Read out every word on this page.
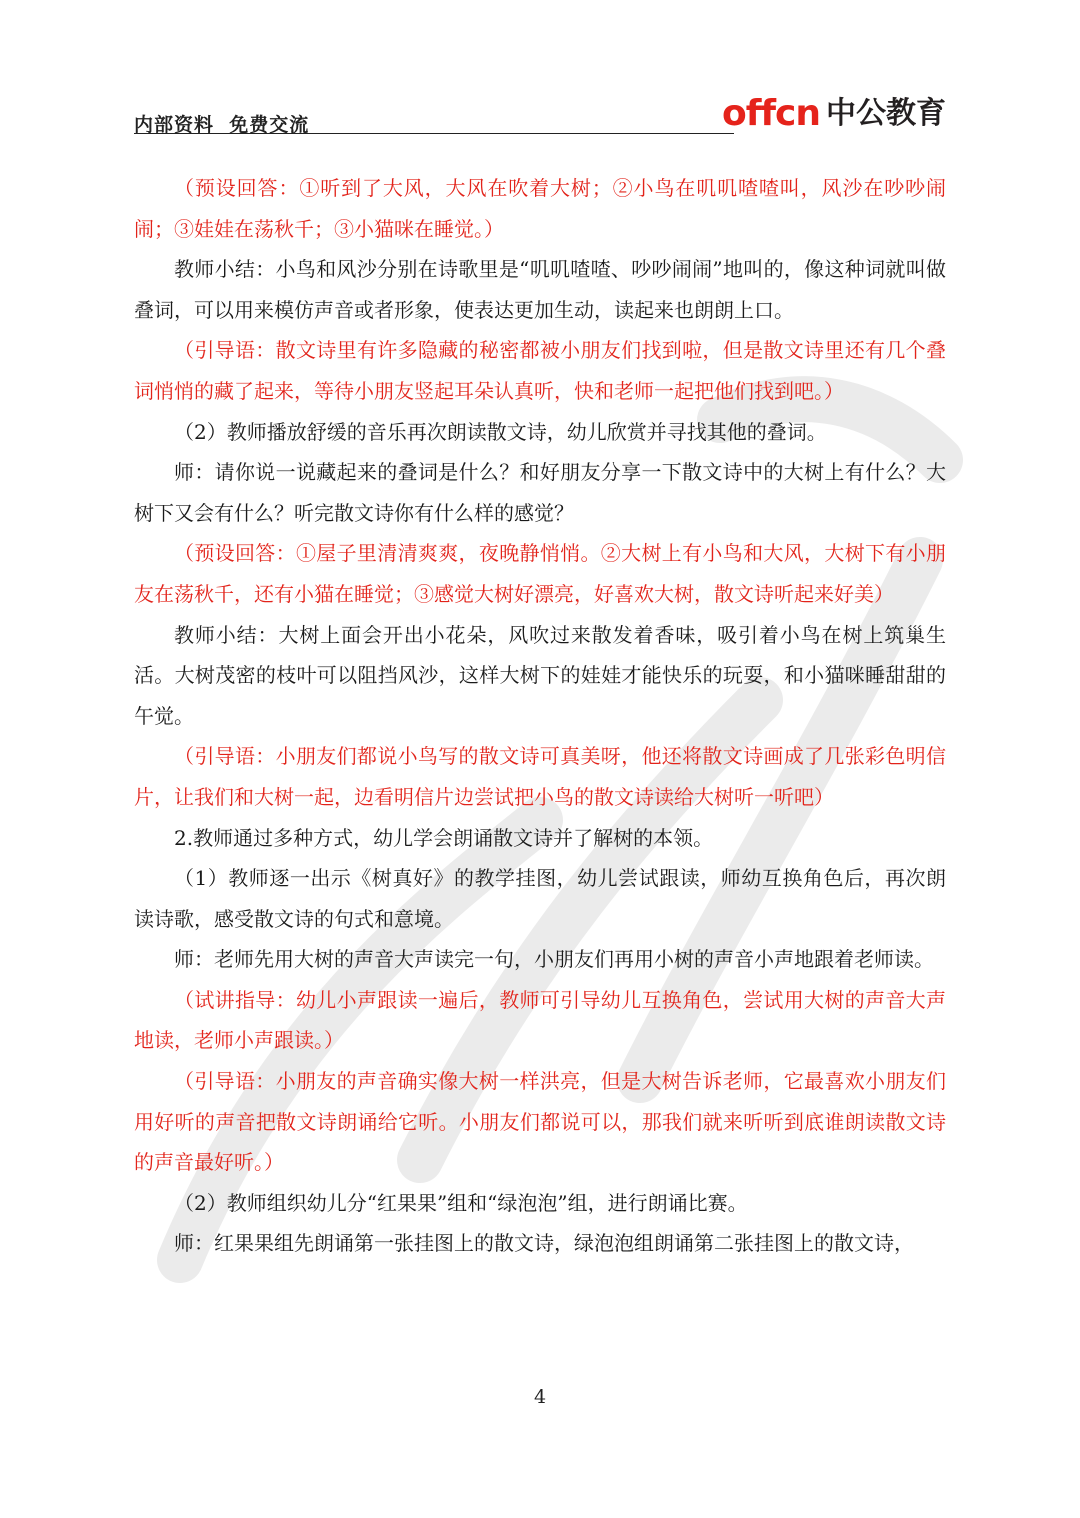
内部资料  免费交流	offcn 中公教育

（预设回答：①听到了大风，大风在吹着大树；②小鸟在叽叽喳喳叫，风沙在吵吵闹闹；③娃娃在荡秋千；③小猫咪在睡觉。）

教师小结：小鸟和风沙分别在诗歌里是“叽叽喳喳、吵吵闹闹”地叫的，像这种词就叫做叠词，可以用来模仿声音或者形象，使表达更加生动，读起来也朗朗上口。

（引导语：散文诗里有许多隐藏的秘密都被小朋友们找到啦，但是散文诗里还有几个叠词悄悄的藏了起来，等待小朋友竖起耳朵认真听，快和老师一起把他们找到吧。）

（2）教师播放舒缓的音乐再次朗读散文诗，幼儿欣赏并寻找其他的叠词。

师：请你说一说藏起来的叠词是什么？和好朋友分享一下散文诗中的大树上有什么？大树下又会有什么？听完散文诗你有什么样的感觉？

（预设回答：①屋子里清清爽爽，夜晚静悄悄。②大树上有小鸟和大风，大树下有小朋友在荡秋千，还有小猫在睡觉；③感觉大树好漂亮，好喜欢大树，散文诗听起来好美）

教师小结：大树上面会开出小花朵，风吹过来散发着香味，吸引着小鸟在树上筑巢生活。大树茂密的枝叶可以阻挡风沙，这样大树下的娃娃才能快乐的玩耍，和小猫咪睡甜甜的午觉。

（引导语：小朋友们都说小鸟写的散文诗可真美呀，他还将散文诗画成了几张彩色明信片，让我们和大树一起，边看明信片边尝试把小鸟的散文诗读给大树听一听吧）

2.教师通过多种方式，幼儿学会朗诵散文诗并了解树的本领。

（1）教师逐一出示《树真好》的教学挂图，幼儿尝试跟读，师幼互换角色后，再次朗读诗歌，感受散文诗的句式和意境。

师：老师先用大树的声音大声读完一句，小朋友们再用小树的声音小声地跟着老师读。

（试讲指导：幼儿小声跟读一遍后，教师可引导幼儿互换角色，尝试用大树的声音大声地读，老师小声跟读。）

（引导语：小朋友的声音确实像大树一样洪亮，但是大树告诉老师，它最喜欢小朋友们用好听的声音把散文诗朗诵给它听。小朋友们都说可以，那我们就来听听到底谁朗读散文诗的声音最好听。）

（2）教师组织幼儿分“红果果”组和“绿泡泡”组，进行朗诵比赛。

师：红果果组先朗诵第一张挂图上的散文诗，绿泡泡组朗诵第二张挂图上的散文诗，

4
